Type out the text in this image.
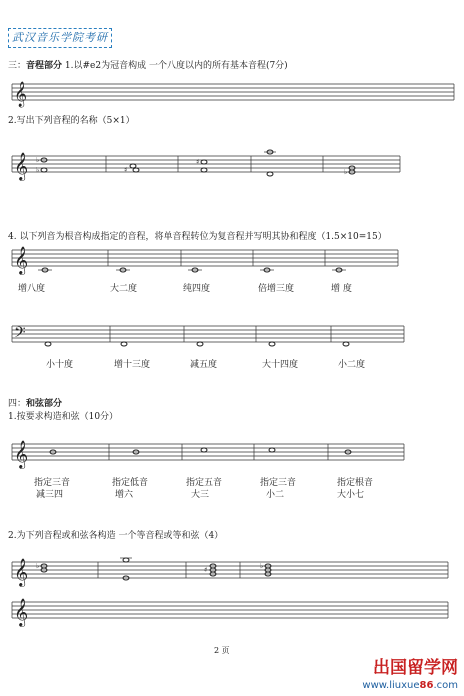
武汉音乐学院考研
三：音程部分 1.以#e2为冠音构成 一个八度以内的所有基本音程(7分)
𝄞
2.写出下列音程的名称（5×1）
𝄞 ♭
♭	♯
♯
♭
4. 以下列音为根音构成指定的音程，将单音程转位为复音程并写明其协和程度（1.5×10=15）
𝄞
增八度	大二度	纯四度	倍增三度	增 度
𝄢
小十度	增十三度	减五度	大十四度	小二度
四：和弦部分
1.按要求构造和弦（10分）
𝄞
指定三音	指定低音	指定五音	指定三音	指定根音
减三四	增六	大三	小二	大小七
2.为下列音程或和弦各构造 一个等音程或等和弦（4）
𝄞 ♭	♯	♭
𝄞
2 页
出国留学网
www.liuxue86.com
